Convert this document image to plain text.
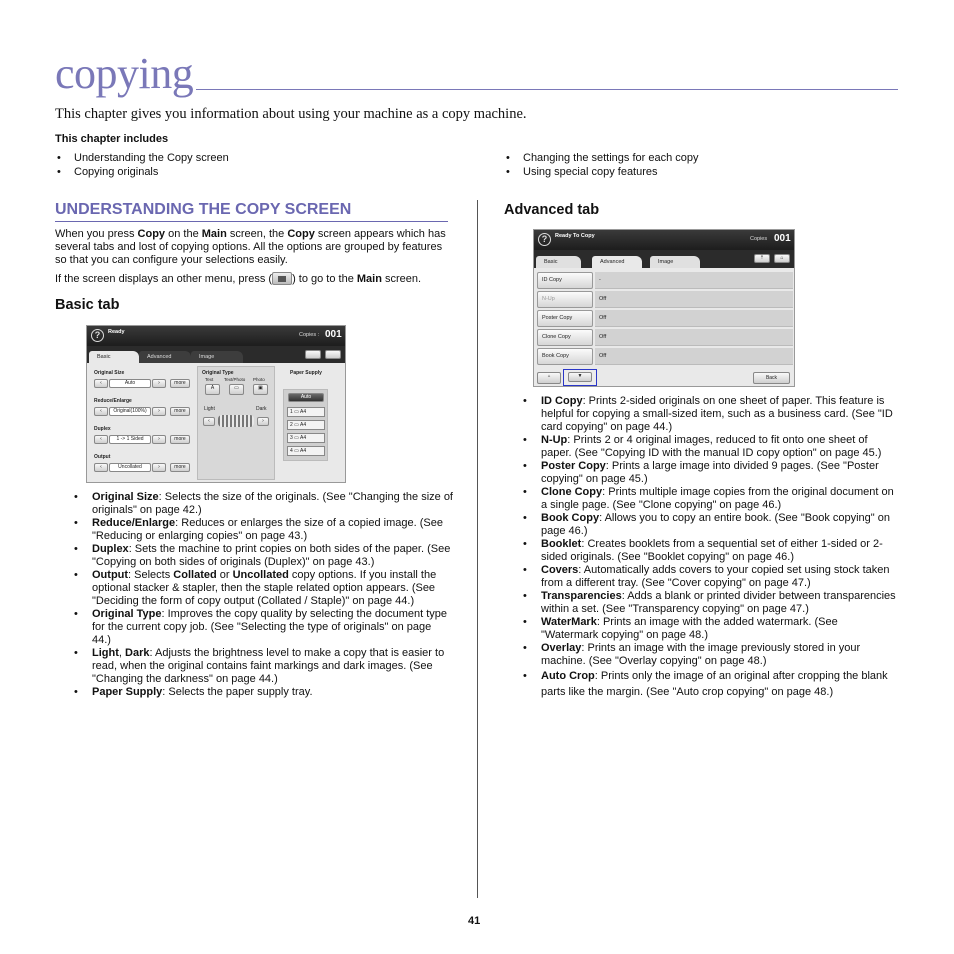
copying
This chapter gives you information about using your machine as a copy machine.
This chapter includes
• Understanding the Copy screen
• Copying originals
• Changing the settings for each copy
• Using special copy features
UNDERSTANDING THE COPY SCREEN
When you press Copy on the Main screen, the Copy screen appears which has several tabs and lost of copying options. All the options are grouped by features so that you can configure your selections easily.
If the screen displays an other menu, press ( ) to go to the Main screen.
Basic tab
?	Ready	Copies : 001
Basic	Advanced	Image
Original Size
‹	Auto	›	more
Reduce/Enlarge
‹	Original(100%)	›	more
Duplex
‹	1 -> 1 Sided	›	more
Output
‹	Uncollated	›	more
Original Type
Text Text/Photo Photo
A	▭	▣
Light	Dark
‹	›
Paper Supply
Auto
1 ▭ A4
2 ▭ A4
3 ▭ A4
4 ▭ A4
• Original Size: Selects the size of the originals. (See "Changing the size of originals" on page 42.)
• Reduce/Enlarge: Reduces or enlarges the size of a copied image. (See "Reducing or enlarging copies" on page 43.)
• Duplex: Sets the machine to print copies on both sides of the paper. (See "Copying on both sides of originals (Duplex)" on page 43.)
• Output: Selects Collated or Uncollated copy options. If you install the optional stacker & stapler, then the staple related option appears. (See "Deciding the form of copy output (Collated / Staple)" on page 44.)
• Original Type: Improves the copy quality by selecting the document type for the current copy job. (See "Selecting the type of originals" on page 44.)
• Light, Dark: Adjusts the brightness level to make a copy that is easier to read, when the original contains faint markings and dark images. (See "Changing the darkness" on page 44.)
• Paper Supply: Selects the paper supply tray.
Advanced tab
?	Ready To Copy	Copies 001
Basic	Advanced	Image
⇡	⌂
ID Copy	-
N-Up	Off
Poster Copy	Off
Clone Copy	Off
Book Copy	Off
▴	▼	Back
• ID Copy: Prints 2-sided originals on one sheet of paper. This feature is helpful for copying a small-sized item, such as a business card. (See "ID card copying" on page 44.)
• N-Up: Prints 2 or 4 original images, reduced to fit onto one sheet of paper. (See "Copying ID with the manual ID copy option" on page 45.)
• Poster Copy: Prints a large image into divided 9 pages. (See "Poster copying" on page 45.)
• Clone Copy: Prints multiple image copies from the original document on a single page. (See "Clone copying" on page 46.)
• Book Copy: Allows you to copy an entire book. (See "Book copying" on page 46.)
• Booklet: Creates booklets from a sequential set of either 1-sided or 2-sided originals. (See "Booklet copying" on page 46.)
• Covers: Automatically adds covers to your copied set using stock taken from a different tray. (See "Cover copying" on page 47.)
• Transparencies: Adds a blank or printed divider between transparencies within a set. (See "Transparency copying" on page 47.)
• WaterMark: Prints an image with the added watermark. (See "Watermark copying" on page 48.)
• Overlay: Prints an image with the image previously stored in your machine. (See "Overlay copying" on page 48.)
• Auto Crop: Prints only the image of an original after cropping the blank parts like the margin. (See "Auto crop copying" on page 48.)
41
